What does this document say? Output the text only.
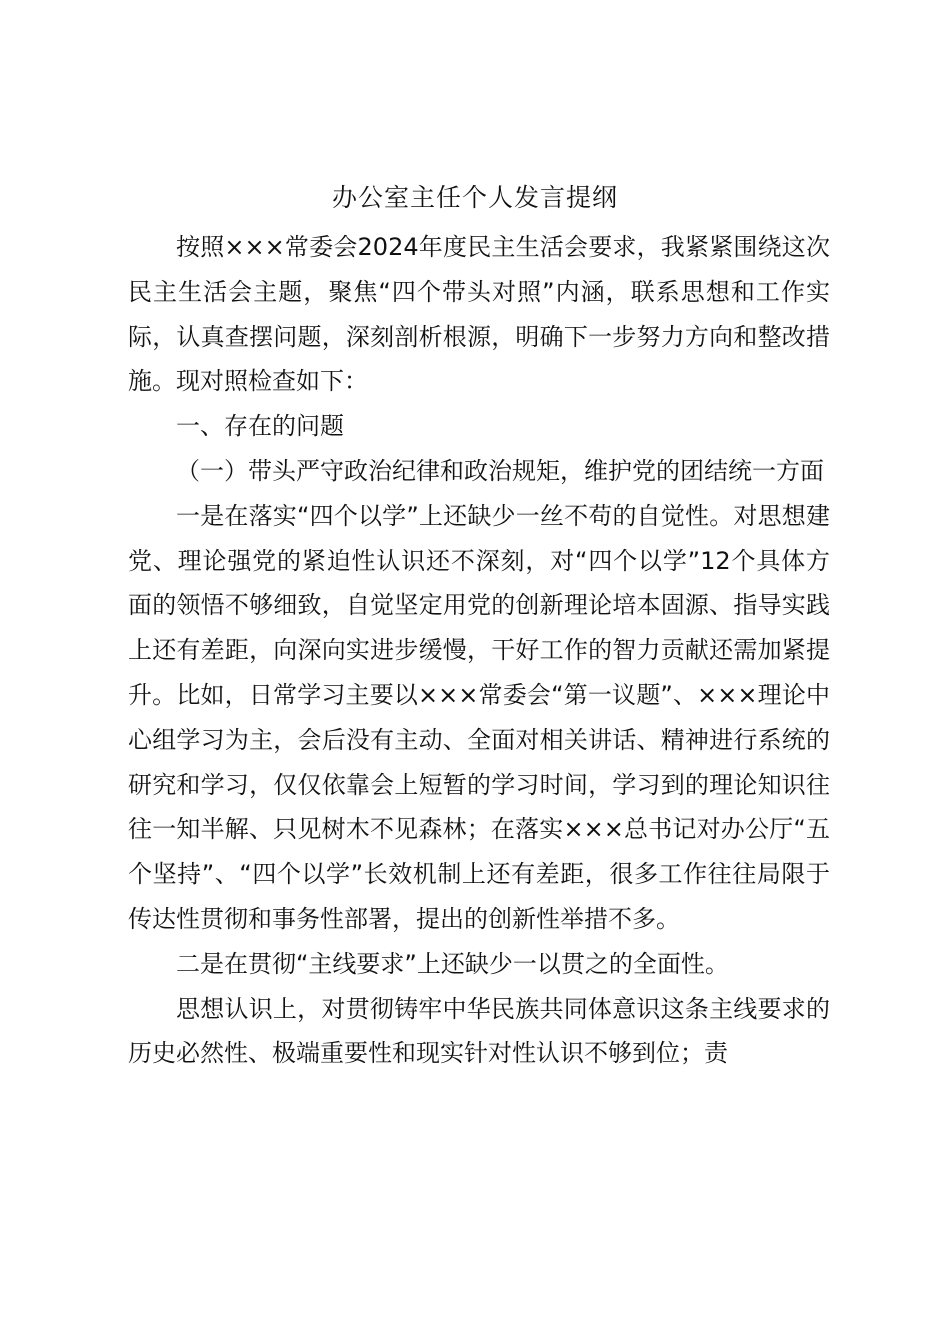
办公室主任个人发言提纲

按照×××常委会2024年度民主生活会要求，我紧紧围绕这次民主生活会主题，聚焦“四个带头对照”内涵，联系思想和工作实际，认真查摆问题，深刻剖析根源，明确下一步努力方向和整改措施。现对照检查如下：

一、存在的问题

（一）带头严守政治纪律和政治规矩，维护党的团结统一方面

一是在落实“四个以学”上还缺少一丝不苟的自觉性。对思想建党、理论强党的紧迫性认识还不深刻，对“四个以学”12个具体方面的领悟不够细致，自觉坚定用党的创新理论培本固源、指导实践上还有差距，向深向实进步缓慢，干好工作的智力贡献还需加紧提升。比如，日常学习主要以×××常委会“第一议题”、×××理论中心组学习为主，会后没有主动、全面对相关讲话、精神进行系统的研究和学习，仅仅依靠会上短暂的学习时间，学习到的理论知识往往一知半解、只见树木不见森林；在落实×××总书记对办公厅“五个坚持”、“四个以学”长效机制上还有差距，很多工作往往局限于传达性贯彻和事务性部署，提出的创新性举措不多。

二是在贯彻“主线要求”上还缺少一以贯之的全面性。

思想认识上，对贯彻铸牢中华民族共同体意识这条主线要求的历史必然性、极端重要性和现实针对性认识不够到位；责
